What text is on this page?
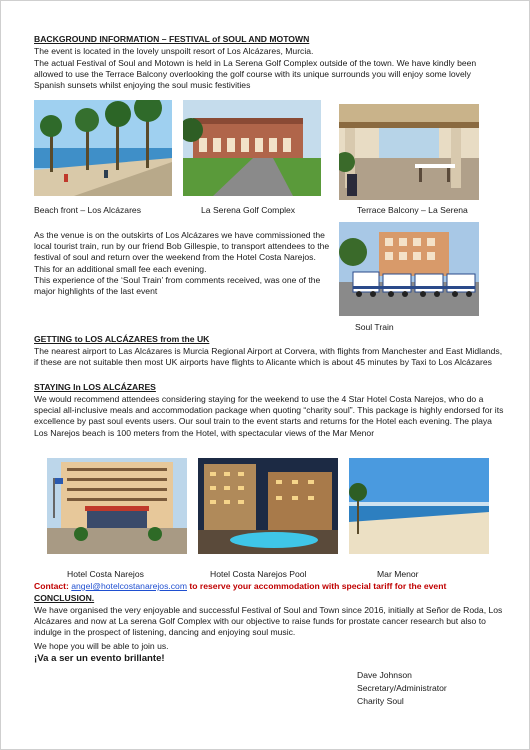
BACKGROUND INFORMATION – FESTIVAL of SOUL AND MOTOWN
The event is located in the lovely unspoilt resort of Los Alcázares, Murcia.
The actual Festival of Soul and Motown is held in La Serena Golf Complex outside of the town. We have kindly been allowed to use the Terrace Balcony overlooking the golf course with its unique surrounds you will enjoy some lovely Spanish sunsets whilst enjoying the soul music festivities
Beach front – Los Alcázares	La Serena Golf Complex	Terrace Balcony – La Serena
As the venue is on the outskirts of Los Alcázares we have commissioned the local tourist train, run by our friend Bob Gillespie, to transport attendees to the festival of soul and return over the weekend from the Hotel Costa Narejos. This for an additional small fee each evening.
This experience of the ‘Soul Train’ from comments received, was one of the major highlights of the last event
Soul Train
GETTING to LOS ALCÁZARES from the UK
The nearest airport to Las Alcázares is Murcia Regional Airport at Corvera, with flights from Manchester and East Midlands, if these are not suitable then most UK airports have flights to Alicante which is about 45 minutes by Taxi to Los Alcázares
STAYING In LOS ALCÁZARES
We would recommend attendees considering staying for the weekend to use the 4 Star Hotel Costa Narejos, who do a special all-inclusive meals and accommodation package when quoting “charity soul”. This package is highly endorsed for its excellence by past soul events users. Our soul train to the event starts and returns for the Hotel each evening. The playa Los Narejos beach is 100 meters from the Hotel, with spectacular views of the Mar Menor
Hotel Costa Narejos	Hotel Costa Narejos Pool	Mar Menor
Contact: angel@hotelcostanarejos.com to reserve your accommodation with special tariff for the event
CONCLUSION.
We have organised the very enjoyable and successful Festival of Soul and Town since 2016, initially at Señor de Roda, Los Alcázares and now at La serena Golf Complex with our objective to raise funds for prostate cancer research but also to indulge in the prospect of listening, dancing and enjoying soul music.
We hope you will be able to join us.
¡Va a ser un evento brillante!
Dave Johnson
Secretary/Administrator
Charity Soul
